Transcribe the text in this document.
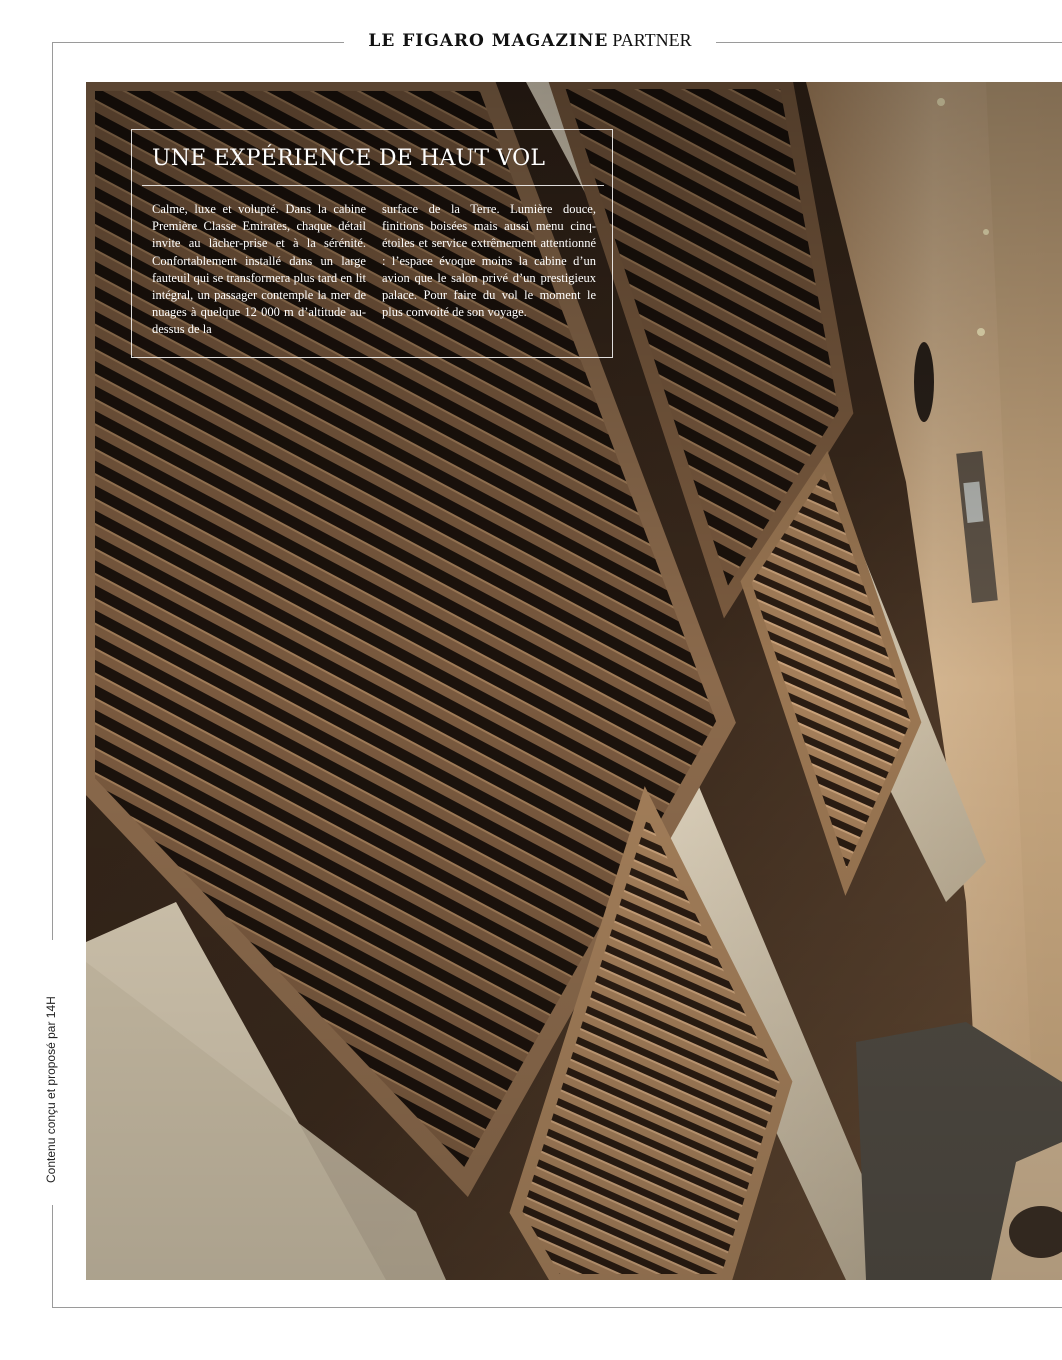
LE FIGARO MAGAZINE PARTNER
Contenu conçu et proposé par 14H
UNE EXPÉRIENCE DE HAUT VOL
Calme, luxe et volupté. Dans la cabine Première Classe Emirates, chaque détail invite au lâcher-prise et à la sérénité. Confortablement installé dans un large fauteuil qui se transformera plus tard en lit intégral, un passager contemple la mer de nuages à quelque 12 000 m d’altitude au-dessus de la
surface de la Terre. Lumière douce, finitions boisées mais aussi menu cinq-étoiles et service extrêmement attentionné : l’espace évoque moins la cabine d’un avion que le salon privé d’un prestigieux palace. Pour faire du vol le moment le plus convoité de son voyage.
